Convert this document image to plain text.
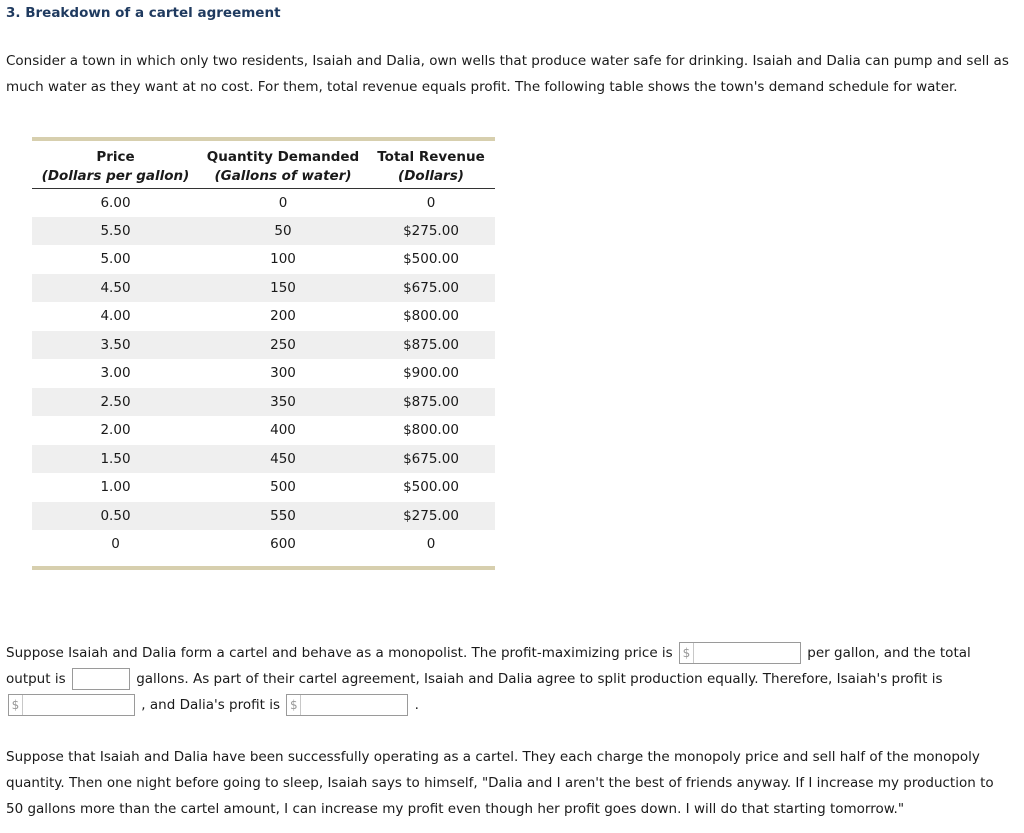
3. Breakdown of a cartel agreement
Consider a town in which only two residents, Isaiah and Dalia, own wells that produce water safe for drinking. Isaiah and Dalia can pump and sell as much water as they want at no cost. For them, total revenue equals profit. The following table shows the town's demand schedule for water.
Price	Quantity Demanded	Total Revenue
(Dollars per gallon)	(Gallons of water)	(Dollars)
6.00	0	0
5.50	50	$275.00
5.00	100	$500.00
4.50	150	$675.00
4.00	200	$800.00
3.50	250	$875.00
3.00	300	$900.00
2.50	350	$875.00
2.00	400	$800.00
1.50	450	$675.00
1.00	500	$500.00
0.50	550	$275.00
0	600	0
Suppose Isaiah and Dalia form a cartel and behave as a monopolist. The profit-maximizing price is $	per gallon, and the total output is	gallons. As part of their cartel agreement, Isaiah and Dalia agree to split production equally. Therefore, Isaiah's profit is

$	, and Dalia's profit is $	.
Suppose that Isaiah and Dalia have been successfully operating as a cartel. They each charge the monopoly price and sell half of the monopoly quantity. Then one night before going to sleep, Isaiah says to himself, "Dalia and I aren't the best of friends anyway. If I increase my production to 50 gallons more than the cartel amount, I can increase my profit even though her profit goes down. I will do that starting tomorrow."
